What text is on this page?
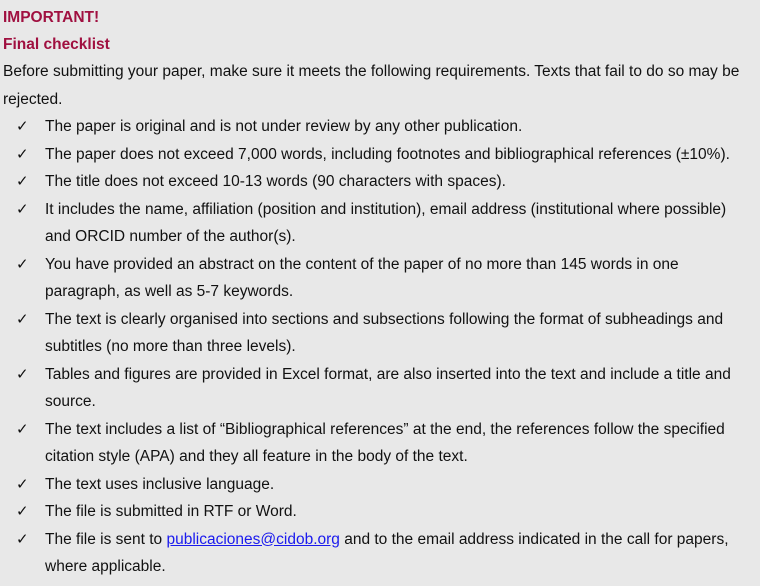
IMPORTANT!

Final checklist

Before submitting your paper, make sure it meets the following requirements. Texts that fail to do so may be rejected.

✓ The paper is original and is not under review by any other publication.
✓ The paper does not exceed 7,000 words, including footnotes and bibliographical references (±10%).
✓ The title does not exceed 10-13 words (90 characters with spaces).
✓ It includes the name, affiliation (position and institution), email address (institutional where possible) and ORCID number of the author(s).
✓ You have provided an abstract on the content of the paper of no more than 145 words in one paragraph, as well as 5-7 keywords.
✓ The text is clearly organised into sections and subsections following the format of subheadings and subtitles (no more than three levels).
✓ Tables and figures are provided in Excel format, are also inserted into the text and include a title and source.
✓ The text includes a list of “Bibliographical references” at the end, the references follow the specified citation style (APA) and they all feature in the body of the text.
✓ The text uses inclusive language.
✓ The file is submitted in RTF or Word.
✓ The file is sent to publicaciones@cidob.org and to the email address indicated in the call for papers, where applicable.
